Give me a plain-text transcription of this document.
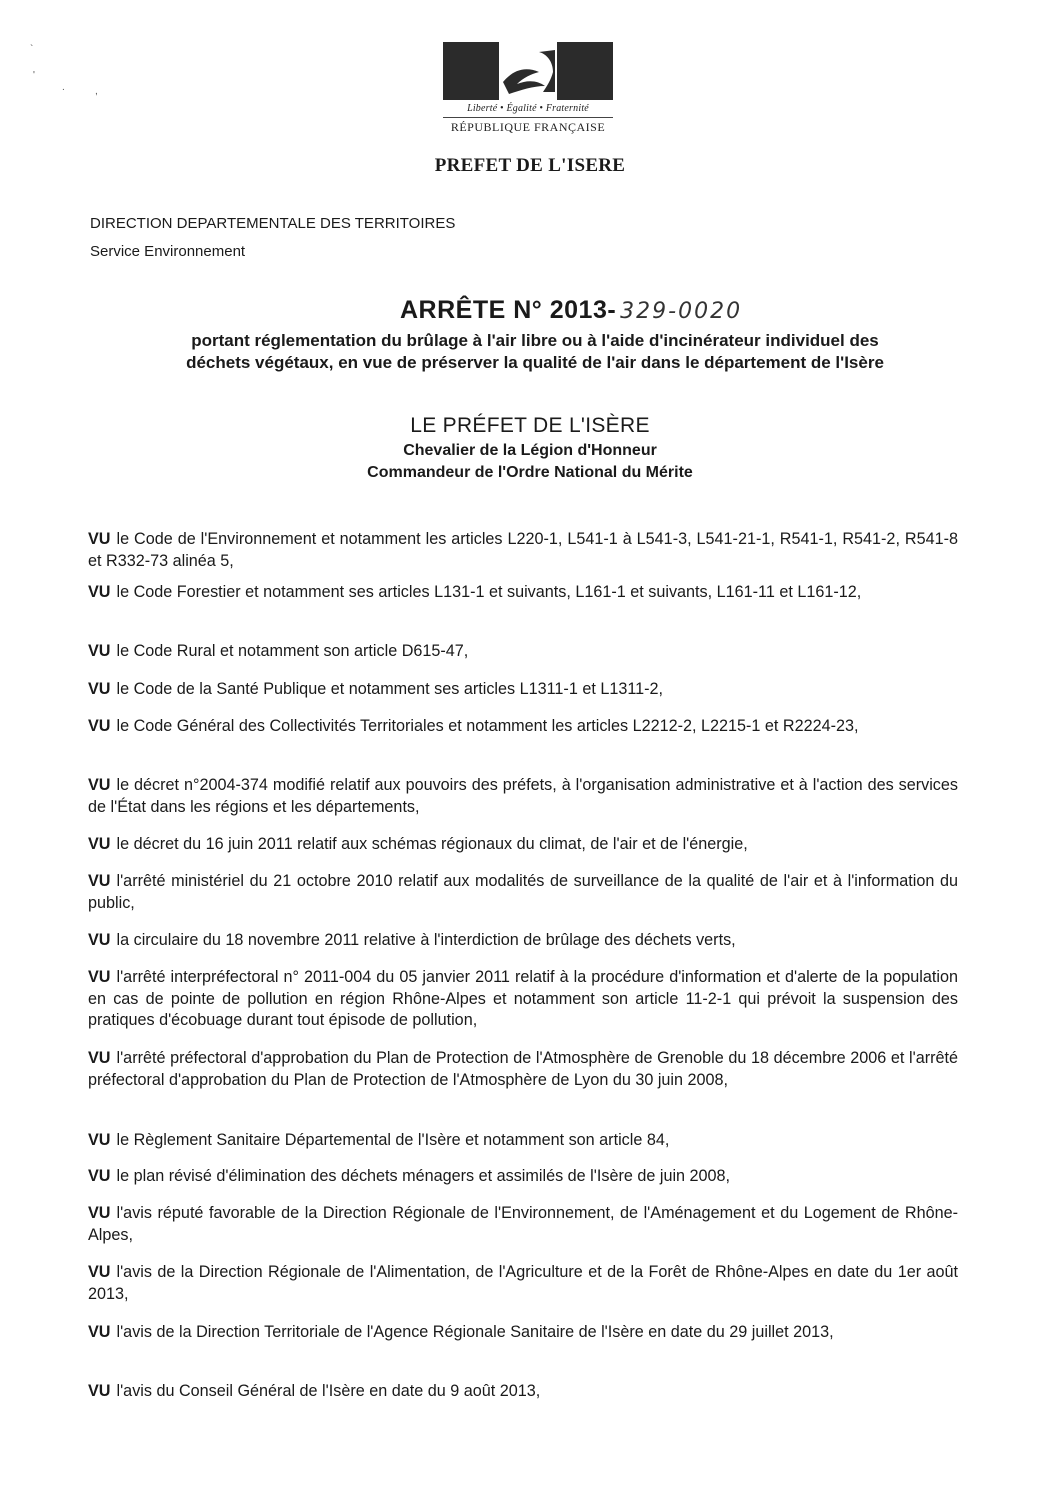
`
'
.	,
Liberté • Égalité • Fraternité
RÉPUBLIQUE FRANÇAISE
PREFET DE L'ISERE
DIRECTION DEPARTEMENTALE DES TERRITOIRES
Service Environnement
ARRÊTE N° 2013- 329-0020
portant réglementation du brûlage à l'air libre ou à l'aide d'incinérateur individuel des
déchets végétaux, en vue de préserver la qualité de l'air dans le département de l'Isère
LE PRÉFET DE L'ISÈRE
Chevalier de la Légion d'Honneur
Commandeur de l'Ordre National du Mérite

VU le Code de l'Environnement et notamment les articles L220-1, L541-1 à L541-3, L541-21-1, R541-1, R541-2, R541-8 et R332-73 alinéa 5,

VU le Code Forestier et notamment ses articles L131-1 et suivants, L161-1 et suivants, L161-11 et L161-12,

VU le Code Rural et notamment son article D615-47,

VU le Code de la Santé Publique et notamment ses articles L1311-1 et L1311-2,

VU le Code Général des Collectivités Territoriales et notamment les articles L2212-2, L2215-1 et R2224-23,

VU le décret n°2004-374 modifié relatif aux pouvoirs des préfets, à l'organisation administrative et à l'action des services de l'État dans les régions et les départements,

VU le décret du 16 juin 2011 relatif aux schémas régionaux du climat, de l'air et de l'énergie,

VU l'arrêté ministériel du 21 octobre 2010 relatif aux modalités de surveillance de la qualité de l'air et à l'information du public,

VU la circulaire du 18 novembre 2011 relative à l'interdiction de brûlage des déchets verts,

VU l'arrêté interpréfectoral n° 2011-004 du 05 janvier 2011 relatif à la procédure d'information et d'alerte de la population en cas de pointe de pollution en région Rhône-Alpes et notamment son article 11-2-1 qui prévoit la suspension des pratiques d'écobuage durant tout épisode de pollution,

VU l'arrêté préfectoral d'approbation du Plan de Protection de l'Atmosphère de Grenoble du 18 décembre 2006 et l'arrêté préfectoral d'approbation du Plan de Protection de l'Atmosphère de Lyon du 30 juin 2008,

VU le Règlement Sanitaire Départemental de l'Isère et notamment son article 84,

VU le plan révisé d'élimination des déchets ménagers et assimilés de l'Isère de juin 2008,

VU l'avis réputé favorable de la Direction Régionale de l'Environnement, de l'Aménagement et du Logement de Rhône-Alpes,

VU l'avis de la Direction Régionale de l'Alimentation, de l'Agriculture et de la Forêt de Rhône-Alpes en date du 1er août 2013,

VU l'avis de la Direction Territoriale de l'Agence Régionale Sanitaire de l'Isère en date du 29 juillet 2013,

VU l'avis du Conseil Général de l'Isère en date du 9 août 2013,
